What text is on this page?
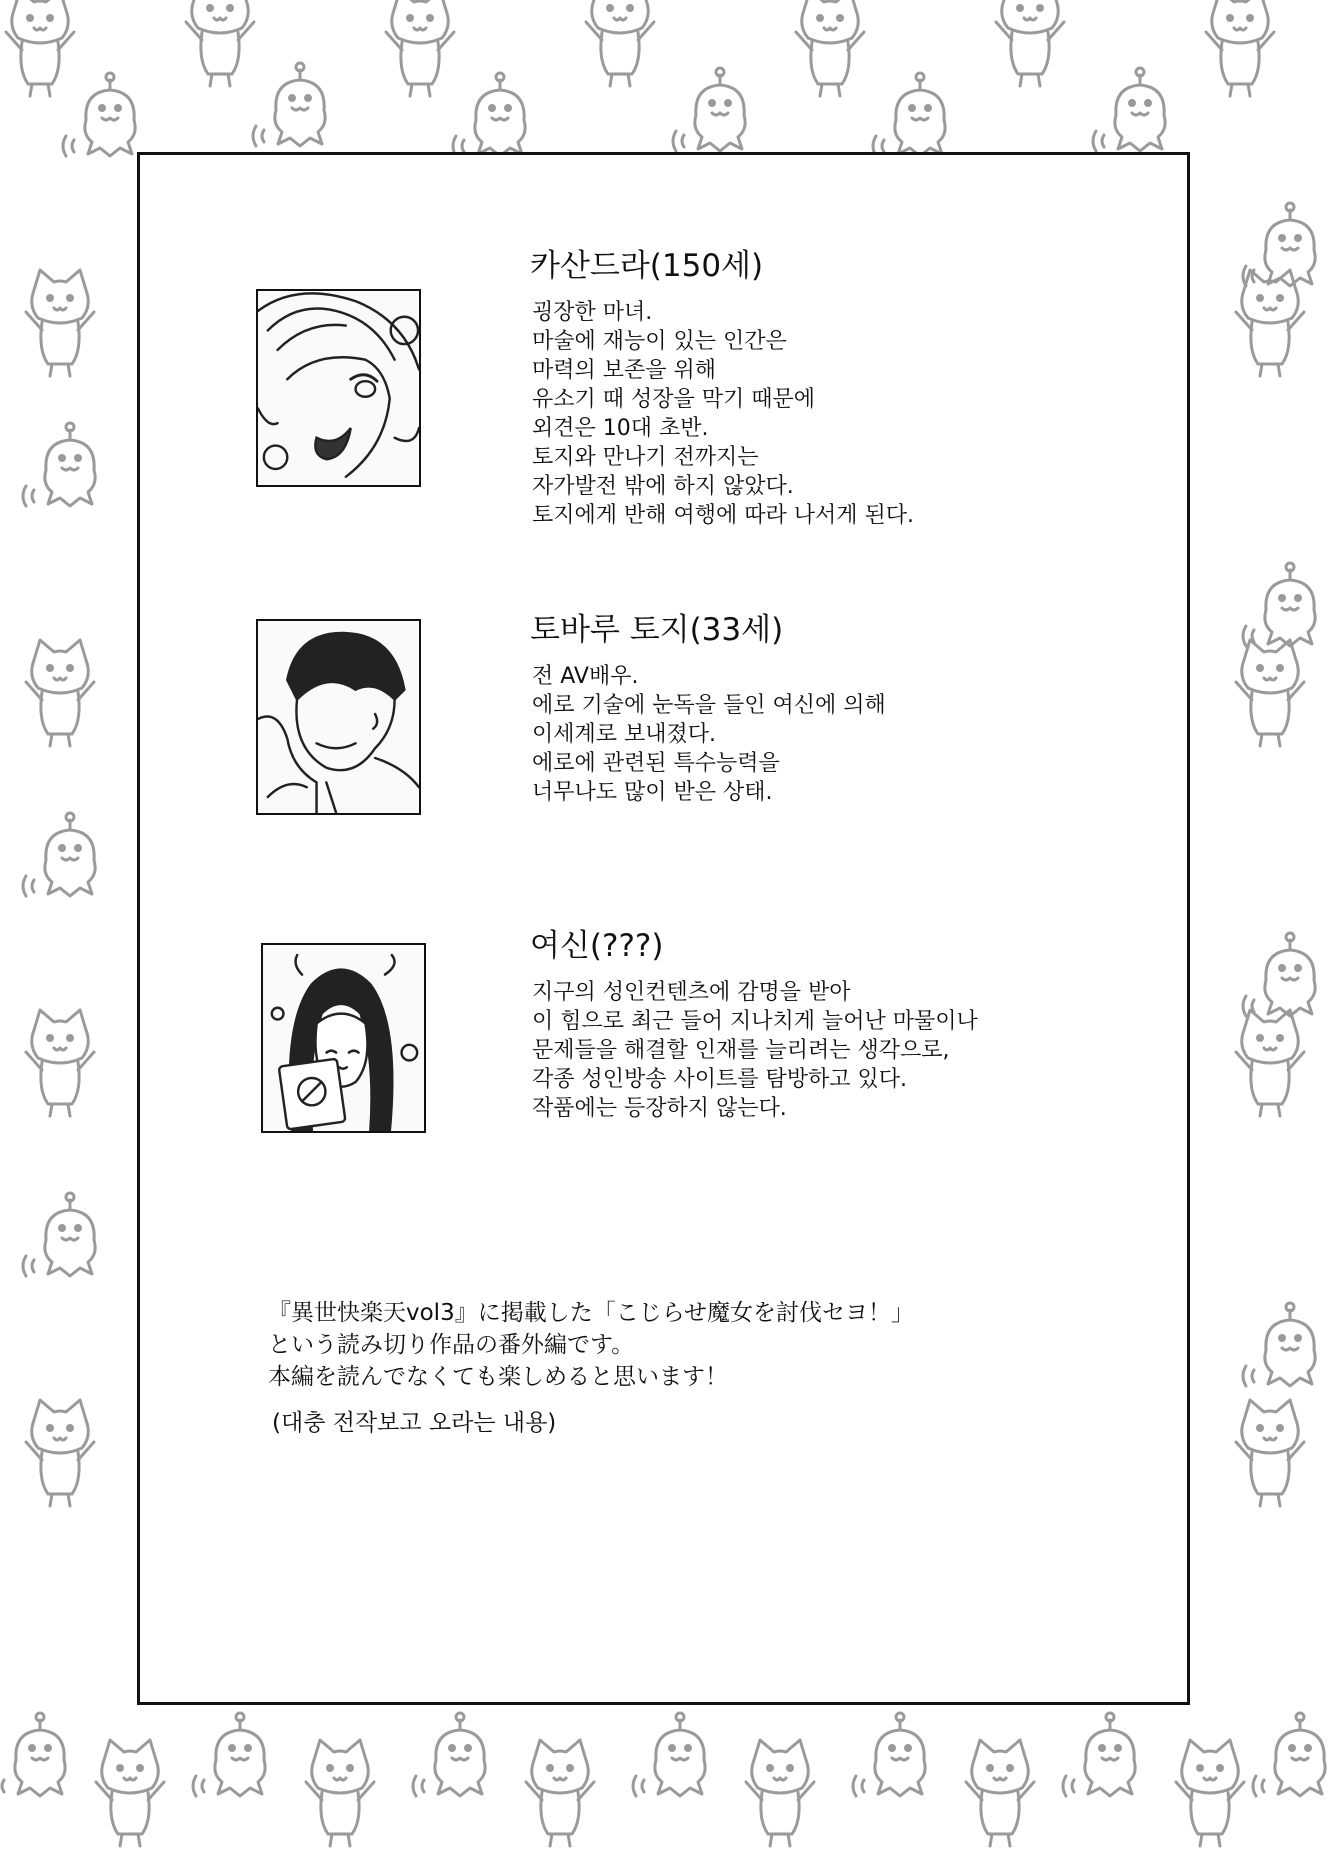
카산드라(150세)
굉장한 마녀.
마술에 재능이 있는 인간은
마력의 보존을 위해
유소기 때 성장을 막기 때문에
외견은 10대 초반.
토지와 만나기 전까지는
자가발전 밖에 하지 않았다.
토지에게 반해 여행에 따라 나서게 된다.
토바루 토지(33세)
전 AV배우.
에로 기술에 눈독을 들인 여신에 의해
이세계로 보내졌다.
에로에 관련된 특수능력을
너무나도 많이 받은 상태.
여신(???)
지구의 성인컨텐츠에 감명을 받아
이 힘으로 최근 들어 지나치게 늘어난 마물이나
문제들을 해결할 인재를 늘리려는 생각으로,
각종 성인방송 사이트를 탐방하고 있다.
작품에는 등장하지 않는다.
『異世快楽天vol3』に掲載した「こじらせ魔女を討伐セヨ！」
という読み切り作品の番外編です。
本編を読んでなくても楽しめると思います！
(대충 전작보고 오라는 내용)
